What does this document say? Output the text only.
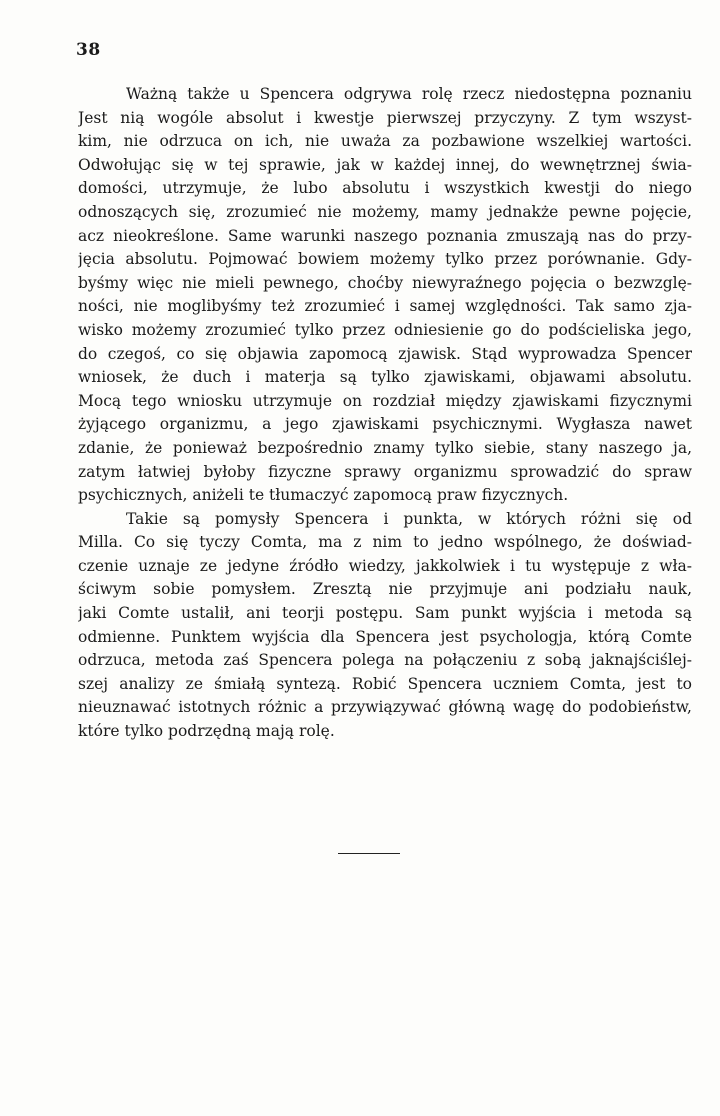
38
Ważną także u Spencera odgrywa rolę rzecz niedostępna poznaniu
Jest nią wogóle absolut i kwestje pierwszej przyczyny. Z tym wszyst-
kim, nie odrzuca on ich, nie uważa za pozbawione wszelkiej wartości.
Odwołując się w tej sprawie, jak w każdej innej, do wewnętrznej świa-
domości, utrzymuje, że lubo absolutu i wszystkich kwestji do niego
odnoszących się, zrozumieć nie możemy, mamy jednakże pewne pojęcie,
acz nieokreślone. Same warunki naszego poznania zmuszają nas do przy-
jęcia absolutu. Pojmować bowiem możemy tylko przez porównanie. Gdy-
byśmy więc nie mieli pewnego, choćby niewyraźnego pojęcia o bezwzglę-
ności, nie moglibyśmy też zrozumieć i samej względności. Tak samo zja-
wisko możemy zrozumieć tylko przez odniesienie go do podścieliska jego,
do czegoś, co się objawia zapomocą zjawisk. Stąd wyprowadza Spencer
wniosek, że duch i materja są tylko zjawiskami, objawami absolutu.
Mocą tego wniosku utrzymuje on rozdział między zjawiskami fizycznymi
żyjącego organizmu, a jego zjawiskami psychicznymi. Wygłasza nawet
zdanie, że ponieważ bezpośrednio znamy tylko siebie, stany naszego ja,
zatym łatwiej byłoby fizyczne sprawy organizmu sprowadzić do spraw
psychicznych, aniżeli te tłumaczyć zapomocą praw fizycznych.
Takie są pomysły Spencera i punkta, w których różni się od
Milla. Co się tyczy Comta, ma z nim to jedno wspólnego, że doświad-
czenie uznaje ze jedyne źródło wiedzy, jakkolwiek i tu występuje z wła-
ściwym sobie pomysłem. Zresztą nie przyjmuje ani podziału nauk,
jaki Comte ustalił, ani teorji postępu. Sam punkt wyjścia i metoda są
odmienne. Punktem wyjścia dla Spencera jest psychologja, którą Comte
odrzuca, metoda zaś Spencera polega na połączeniu z sobą jaknajściślej-
szej analizy ze śmiałą syntezą. Robić Spencera uczniem Comta, jest to
nieuznawać istotnych różnic a przywiązywać główną wagę do podobieństw,
które tylko podrzędną mają rolę.
